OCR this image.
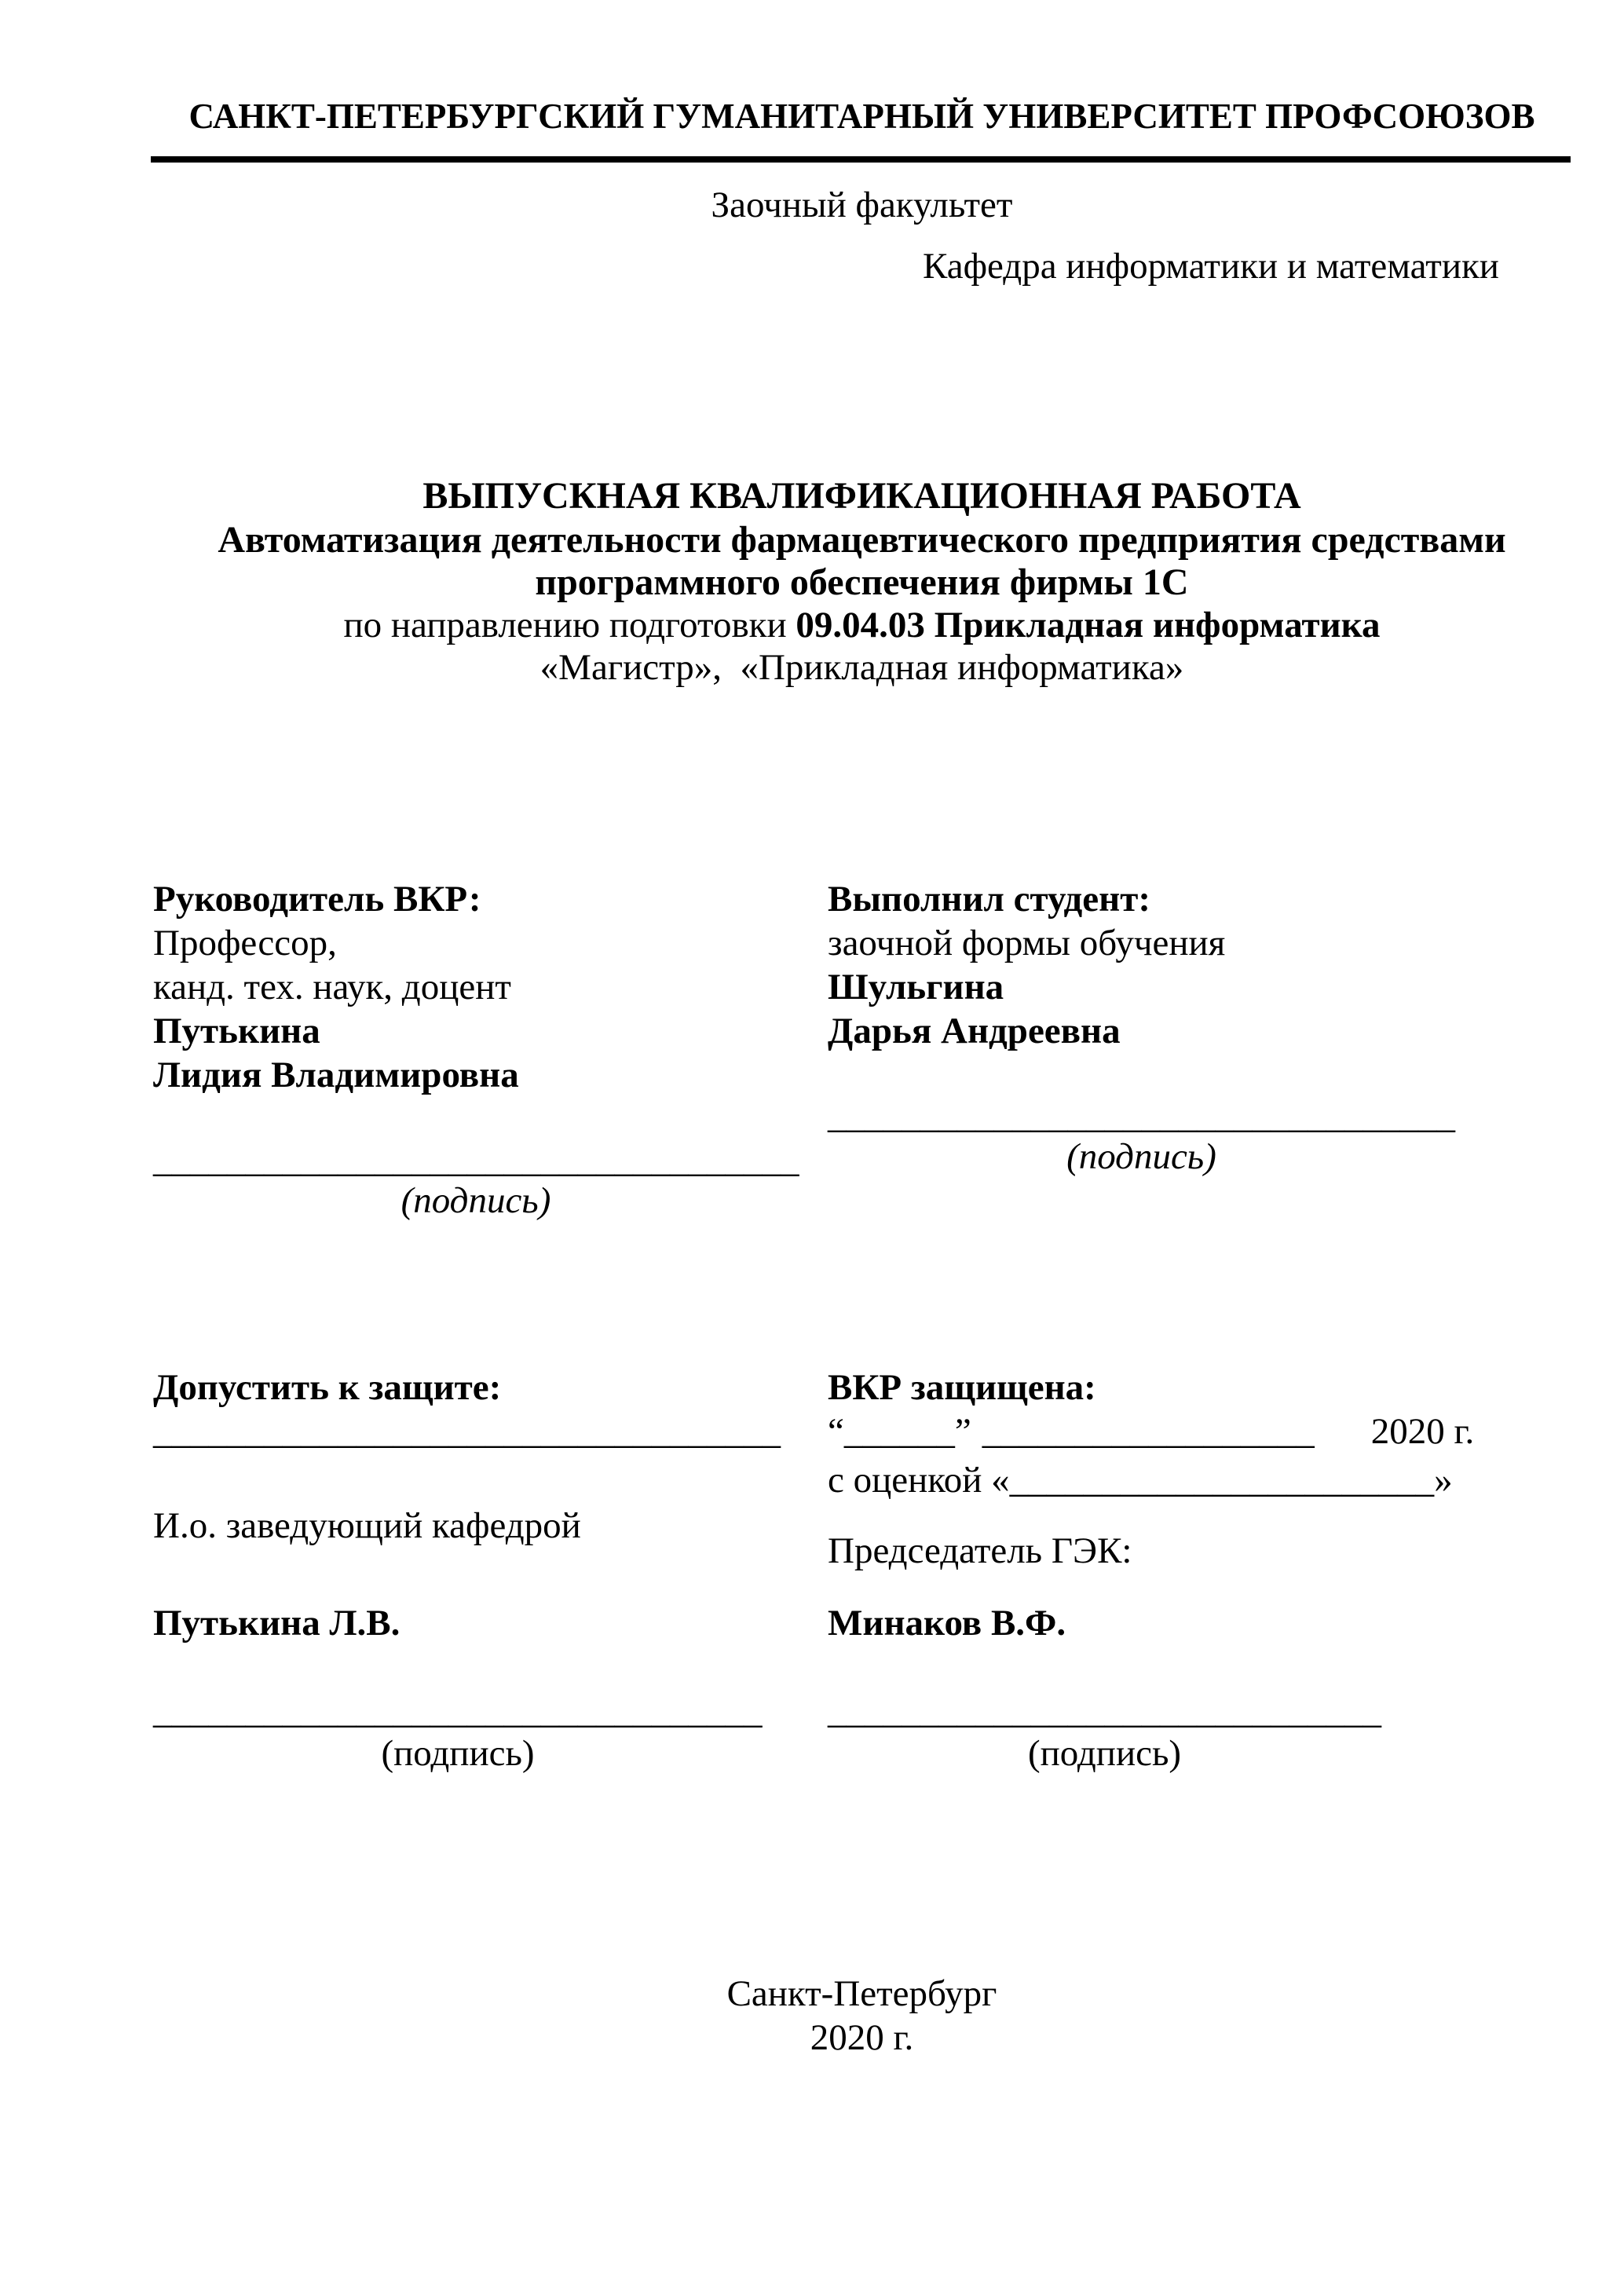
САНКТ-ПЕТЕРБУРГСКИЙ ГУМАНИТАРНЫЙ УНИВЕРСИТЕТ ПРОФСОЮЗОВ
Заочный факультет
Кафедра информатики и математики
ВЫПУСКНАЯ КВАЛИФИКАЦИОННАЯ РАБОТА
Автоматизация деятельности фармацевтического предприятия средствами
программного обеспечения фирмы 1С
по направлению подготовки 09.04.03 Прикладная информатика
«Магистр»,  «Прикладная информатика»
Руководитель ВКР:
Профессор,
канд. тех. наук, доцент
Путькина
Лидия Владимировна
___________________________________
(подпись)
Выполнил студент:
заочной формы обучения
Шульгина
Дарья Андреевна
__________________________________
(подпись)
Допустить к защите:
__________________________________
И.о. заведующий кафедрой
Путькина Л.В.
_________________________________
(подпись)
ВКР защищена:
“______” __________________ 2020 г.
с оценкой «_______________________»
Председатель ГЭК:
Минаков В.Ф.
______________________________
(подпись)
Санкт-Петербург
2020 г.
